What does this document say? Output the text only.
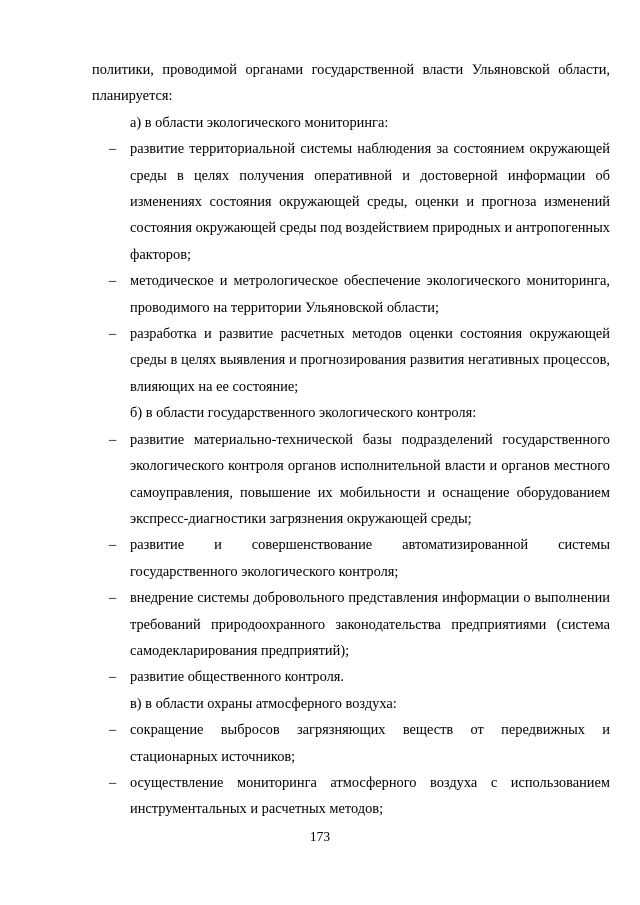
политики, проводимой органами государственной власти Ульяновской области, планируется:

а) в области экологического мониторинга:

– развитие территориальной системы наблюдения за состоянием окружающей среды в целях получения оперативной и достоверной информации об изменениях состояния окружающей среды, оценки и прогноза изменений состояния окружающей среды под воздействием природных и антропогенных факторов;

– методическое и метрологическое обеспечение экологического мониторинга, проводимого на территории Ульяновской области;

– разработка и развитие расчетных методов оценки состояния окружающей среды в целях выявления и прогнозирования развития негативных процессов, влияющих на ее состояние;

б) в области государственного экологического контроля:

– развитие материально-технической базы подразделений государственного экологического контроля органов исполнительной власти и органов местного самоуправления, повышение их мобильности и оснащение оборудованием экспресс-диагностики загрязнения окружающей среды;

– развитие и совершенствование автоматизированной системы государственного экологического контроля;

– внедрение системы добровольного представления информации о выполнении требований природоохранного законодательства предприятиями (система самодекларирования предприятий);

– развитие общественного контроля.

в) в области охраны атмосферного воздуха:

– сокращение выбросов загрязняющих веществ от передвижных и стационарных источников;

– осуществление мониторинга атмосферного воздуха с использованием инструментальных и расчетных методов;

173
